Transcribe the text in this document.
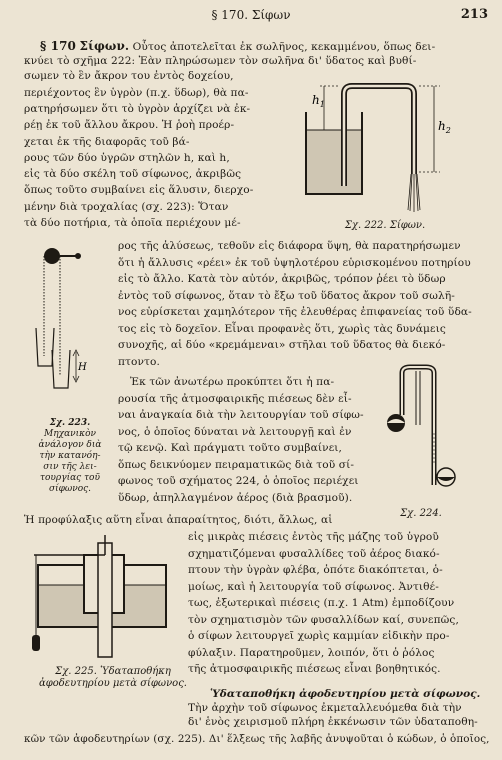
§ 170. Σίφων	213
§ 170 Σίφων. Οὗτος ἀποτελεῖται ἐκ σωλῆνος, κεκαμμένου, ὅπως δει-
κνύει τὸ σχῆμα 222: Ἐὰν πληρώσωμεν τὸν σωλῆνα δι' ὕδατος καὶ βυθί-
σωμεν τὸ ἓν ἄκρον του ἐντὸς δοχείου,
περιέχοντος ἓν ὑγρὸν (π.χ. ὕδωρ), θὰ πα-
ρατηρήσωμεν ὅτι τὸ ὑγρὸν ἀρχίζει νὰ ἐκ-
ρέῃ ἐκ τοῦ ἄλλου ἄκρου. Ἡ ῥοὴ προέρ-
χεται ἐκ τῆς διαφορᾶς τοῦ βά-
ρους τῶν δύο ὑγρῶν στηλῶν h, καὶ h,
εἰς τὰ δύο σκέλη τοῦ σίφωνος, ἀκριβῶς
ὅπως τοῦτο συμβαίνει εἰς ἅλυσιν, διερχο-
μένην διὰ τροχαλίας (σχ. 223): Ὅταν
τὰ δύο ποτήρια, τὰ ὁποῖα περιέχουν μέ-
$h_1$
$h_2$
Σχ. 222. Σίφων.
H
Σχ. 223.
Μηχανικὸν
ἀνάλογον διὰ
τὴν κατανόη-
σιν τῆς λει-
τουργίας τοῦ
σίφωνος.
ρος τῆς ἁλύσεως, τεθοῦν εἰς διάφορα ὕψη, θὰ παρατηρήσωμεν
ὅτι ἡ ἄλλυσις «ρέει» ἐκ τοῦ ὑψηλοτέρου εὑρισκομένου ποτηρίου
εἰς τὸ ἄλλο. Κατὰ τὸν αὐτόν, ἀκριβῶς, τρόπον ῥέει τὸ ὕδωρ
ἐντὸς τοῦ σίφωνος, ὅταν τὸ ἔξω τοῦ ὕδατος ἄκρον τοῦ σωλῆ-
νος εὑρίσκεται χαμηλότερον τῆς ἐλευθέρας ἐπιφανείας τοῦ ὕδα-
τος εἰς τὸ δοχεῖον. Εἶναι προφανὲς ὅτι, χωρὶς τὰς δυνάμεις
συνοχῆς, αἱ δύο «κρεμάμεναι» στῆλαι τοῦ ὕδατος θὰ διεκό-
πτοντο.
Ἐκ τῶν ἀνωτέρω προκύπτει ὅτι ἡ πα-
ρουσία τῆς ἀτμοσφαιρικῆς πιέσεως δὲν εἶ-
ναι ἀναγκαία διὰ τὴν λειτουργίαν τοῦ σίφω-
νος, ὁ ὁποῖος δύναται νὰ λειτουργῇ καὶ ἐν
τῷ κενῷ. Καὶ πράγματι τοῦτο συμβαίνει,
ὅπως δεικνύομεν πειραματικῶς διὰ τοῦ σί-
φωνος τοῦ σχήματος 224, ὁ ὁποῖος περιέχει
ὕδωρ, ἀπηλλαγμένον ἀέρος (διὰ βρασμοῦ).
Σχ. 224.
Ἡ προφύλαξις αὕτη εἶναι ἀπαραίτητος, διότι, ἄλλως, αἱ
Σχ. 225. Ὑδαταποθήκη
ἀφοδευτηρίου μετὰ σίφωνος.
εἰς μικρὰς πιέσεις ἐντὸς τῆς μάζης τοῦ ὑγροῦ
σχηματιζόμεναι φυσαλλίδες τοῦ ἀέρος διακό-
πτουν τὴν ὑγρὰν φλέβα, ὁπότε διακόπτεται, ὁ-
μοίως, καὶ ἡ λειτουργία τοῦ σίφωνος. Ἀντιθέ-
τως, ἐξωτερικαὶ πιέσεις (π.χ. 1 Atm) ἐμποδίζουν
τὸν σχηματισμὸν τῶν φυσαλλίδων καί, συνεπῶς,
ὁ σίφων λειτουργεῖ χωρὶς καμμίαν εἰδικὴν προ-
φύλαξιν. Παρατηροῦμεν, λοιπόν, ὅτι ὁ ῥόλος
τῆς ἀτμοσφαιρικῆς πιέσεως εἶναι βοηθητικός.
Ὑδαταποθήκη ἀφοδευτηρίου μετὰ σίφωνος.
Τὴν ἀρχὴν τοῦ σίφωνος ἐκμεταλλευόμεθα διὰ τὴν
δι' ἑνὸς χειρισμοῦ πλήρη ἐκκένωσιν τῶν ὑδαταποθη-
κῶν τῶν ἀφοδευτηρίων (σχ. 225). Δι' ἕλξεως τῆς λαβῆς ἀνυψοῦται ὁ κώδων, ὁ ὁποῖος,
